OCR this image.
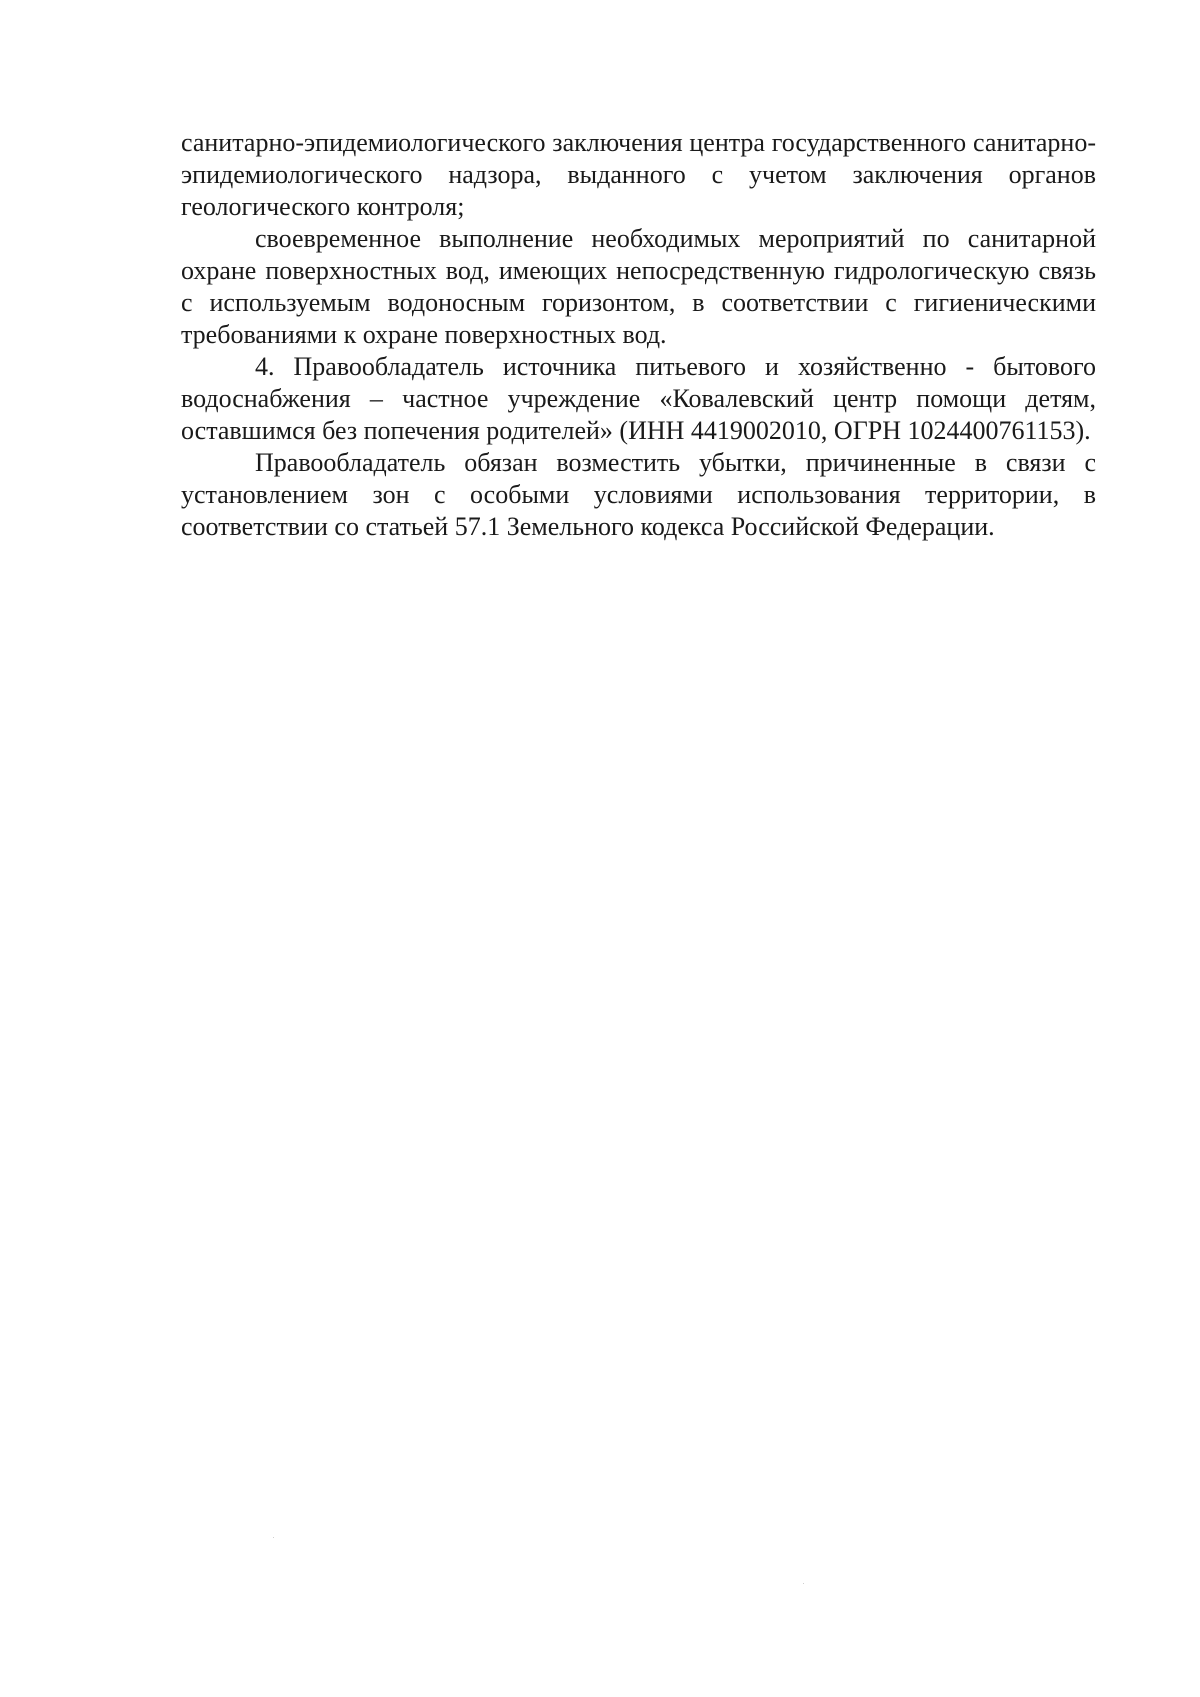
санитарно-эпидемиологического заключения центра государственного санитарно-эпидемиологического надзора, выданного с учетом заключения органов геологического контроля;

своевременное выполнение необходимых мероприятий по санитарной охране поверхностных вод, имеющих непосредственную гидрологическую связь с используемым водоносным горизонтом, в соответствии с гигиеническими требованиями к охране поверхностных вод.

4. Правообладатель источника питьевого и хозяйственно - бытового водоснабжения – частное учреждение «Ковалевский центр помощи детям, оставшимся без попечения родителей» (ИНН 4419002010, ОГРН 1024400761153).

Правообладатель обязан возместить убытки, причиненные в связи с установлением зон с особыми условиями использования территории, в соответствии со статьей 57.1 Земельного кодекса Российской Федерации.
